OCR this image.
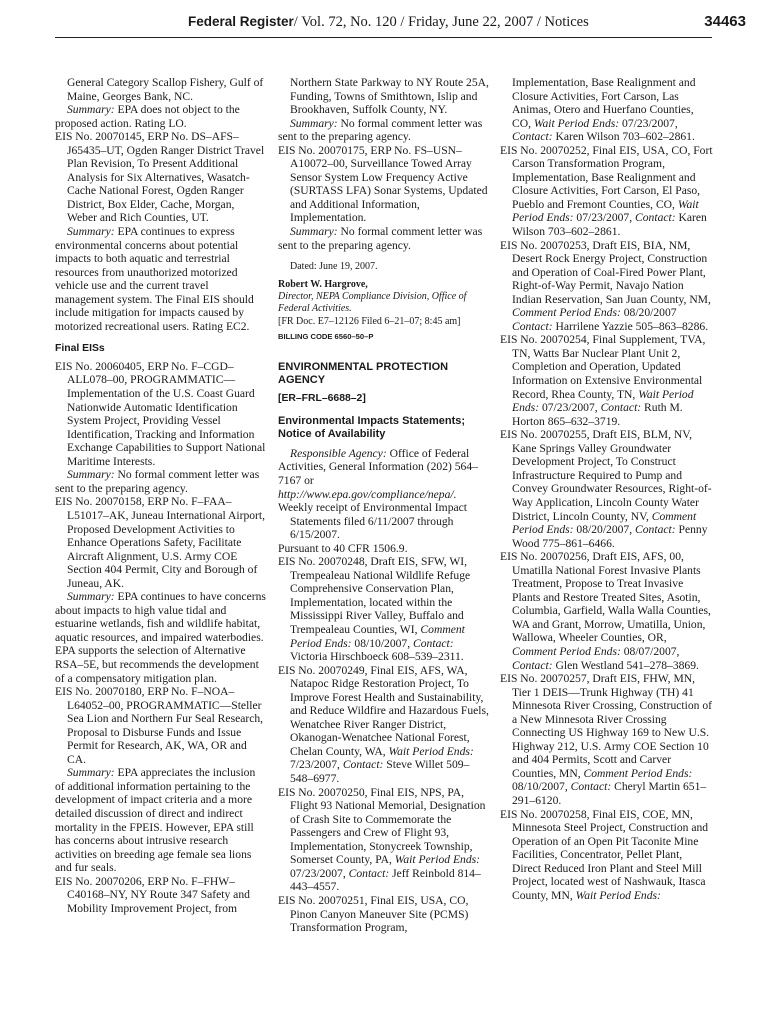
Federal Register/ Vol. 72, No. 120 / Friday, June 22, 2007 / Notices	34463

General Category Scallop Fishery, Gulf of Maine, Georges Bank, NC.

Summary: EPA does not object to the proposed action. Rating LO.

EIS No. 20070145, ERP No. DS–AFS–J65435–UT, Ogden Ranger District Travel Plan Revision, To Present Additional Analysis for Six Alternatives, Wasatch-Cache National Forest, Ogden Ranger District, Box Elder, Cache, Morgan, Weber and Rich Counties, UT.

Summary: EPA continues to express environmental concerns about potential impacts to both aquatic and terrestrial resources from unauthorized motorized vehicle use and the current travel management system. The Final EIS should include mitigation for impacts caused by motorized recreational users. Rating EC2.

Final EISs

EIS No. 20060405, ERP No. F–CGD–ALL078–00, PROGRAMMATIC—Implementation of the U.S. Coast Guard Nationwide Automatic Identification System Project, Providing Vessel Identification, Tracking and Information Exchange Capabilities to Support National Maritime Interests.

Summary: No formal comment letter was sent to the preparing agency.

EIS No. 20070158, ERP No. F–FAA–L51017–AK, Juneau International Airport, Proposed Development Activities to Enhance Operations Safety, Facilitate Aircraft Alignment, U.S. Army COE Section 404 Permit, City and Borough of Juneau, AK.

Summary: EPA continues to have concerns about impacts to high value tidal and estuarine wetlands, fish and wildlife habitat, aquatic resources, and impaired waterbodies. EPA supports the selection of Alternative RSA–5E, but recommends the development of a compensatory mitigation plan.

EIS No. 20070180, ERP No. F–NOA–L64052–00, PROGRAMMATIC—Steller Sea Lion and Northern Fur Seal Research, Proposal to Disburse Funds and Issue Permit for Research, AK, WA, OR and CA.

Summary: EPA appreciates the inclusion of additional information pertaining to the development of impact criteria and a more detailed discussion of direct and indirect mortality in the FPEIS. However, EPA still has concerns about intrusive research activities on breeding age female sea lions and fur seals.

EIS No. 20070206, ERP No. F–FHW–C40168–NY, NY Route 347 Safety and Mobility Improvement Project, from

Northern State Parkway to NY Route 25A, Funding, Towns of Smithtown, Islip and Brookhaven, Suffolk County, NY.

Summary: No formal comment letter was sent to the preparing agency.

EIS No. 20070175, ERP No. FS–USN–A10072–00, Surveillance Towed Array Sensor System Low Frequency Active (SURTASS LFA) Sonar Systems, Updated and Additional Information, Implementation.

Summary: No formal comment letter was sent to the preparing agency.

Dated: June 19, 2007.

Robert W. Hargrove,

Director, NEPA Compliance Division, Office of Federal Activities.

[FR Doc. E7–12126 Filed 6–21–07; 8:45 am]

BILLING CODE 6560–50–P

ENVIRONMENTAL PROTECTION AGENCY
[ER–FRL–6688–2]
Environmental Impacts Statements; Notice of Availability

Responsible Agency: Office of Federal Activities, General Information (202) 564–7167 or http://www.epa.gov/compliance/nepa/.

Weekly receipt of Environmental Impact Statements filed 6/11/2007 through 6/15/2007.

Pursuant to 40 CFR 1506.9.

EIS No. 20070248, Draft EIS, SFW, WI, Trempealeau National Wildlife Refuge Comprehensive Conservation Plan, Implementation, located within the Mississippi River Valley, Buffalo and Trempealeau Counties, WI, Comment Period Ends: 08/10/2007, Contact: Victoria Hirschboeck 608–539–2311.

EIS No. 20070249, Final EIS, AFS, WA, Natapoc Ridge Restoration Project, To Improve Forest Health and Sustainability, and Reduce Wildfire and Hazardous Fuels, Wenatchee River Ranger District, Okanogan-Wenatchee National Forest, Chelan County, WA, Wait Period Ends: 7/23/2007, Contact: Steve Willet 509–548–6977.

EIS No. 20070250, Final EIS, NPS, PA, Flight 93 National Memorial, Designation of Crash Site to Commemorate the Passengers and Crew of Flight 93, Implementation, Stonycreek Township, Somerset County, PA, Wait Period Ends: 07/23/2007, Contact: Jeff Reinbold 814–443–4557.

EIS No. 20070251, Final EIS, USA, CO, Pinon Canyon Maneuver Site (PCMS) Transformation Program,

Implementation, Base Realignment and Closure Activities, Fort Carson, Las Animas, Otero and Huerfano Counties, CO, Wait Period Ends: 07/23/2007, Contact: Karen Wilson 703–602–2861.

EIS No. 20070252, Final EIS, USA, CO, Fort Carson Transformation Program, Implementation, Base Realignment and Closure Activities, Fort Carson, El Paso, Pueblo and Fremont Counties, CO, Wait Period Ends: 07/23/2007, Contact: Karen Wilson 703–602–2861.

EIS No. 20070253, Draft EIS, BIA, NM, Desert Rock Energy Project, Construction and Operation of Coal-Fired Power Plant, Right-of-Way Permit, Navajo Nation Indian Reservation, San Juan County, NM, Comment Period Ends: 08/20/2007 Contact: Harrilene Yazzie 505–863–8286.

EIS No. 20070254, Final Supplement, TVA, TN, Watts Bar Nuclear Plant Unit 2, Completion and Operation, Updated Information on Extensive Environmental Record, Rhea County, TN, Wait Period Ends: 07/23/2007, Contact: Ruth M. Horton 865–632–3719.

EIS No. 20070255, Draft EIS, BLM, NV, Kane Springs Valley Groundwater Development Project, To Construct Infrastructure Required to Pump and Convey Groundwater Resources, Right-of-Way Application, Lincoln County Water District, Lincoln County, NV, Comment Period Ends: 08/20/2007, Contact: Penny Wood 775–861–6466.

EIS No. 20070256, Draft EIS, AFS, 00, Umatilla National Forest Invasive Plants Treatment, Propose to Treat Invasive Plants and Restore Treated Sites, Asotin, Columbia, Garfield, Walla Walla Counties, WA and Grant, Morrow, Umatilla, Union, Wallowa, Wheeler Counties, OR, Comment Period Ends: 08/07/2007, Contact: Glen Westland 541–278–3869.

EIS No. 20070257, Draft EIS, FHW, MN, Tier 1 DEIS—Trunk Highway (TH) 41 Minnesota River Crossing, Construction of a New Minnesota River Crossing Connecting US Highway 169 to New U.S. Highway 212, U.S. Army COE Section 10 and 404 Permits, Scott and Carver Counties, MN, Comment Period Ends: 08/10/2007, Contact: Cheryl Martin 651–291–6120.

EIS No. 20070258, Final EIS, COE, MN, Minnesota Steel Project, Construction and Operation of an Open Pit Taconite Mine Facilities, Concentrator, Pellet Plant, Direct Reduced Iron Plant and Steel Mill Project, located west of Nashwauk, Itasca County, MN, Wait Period Ends:
